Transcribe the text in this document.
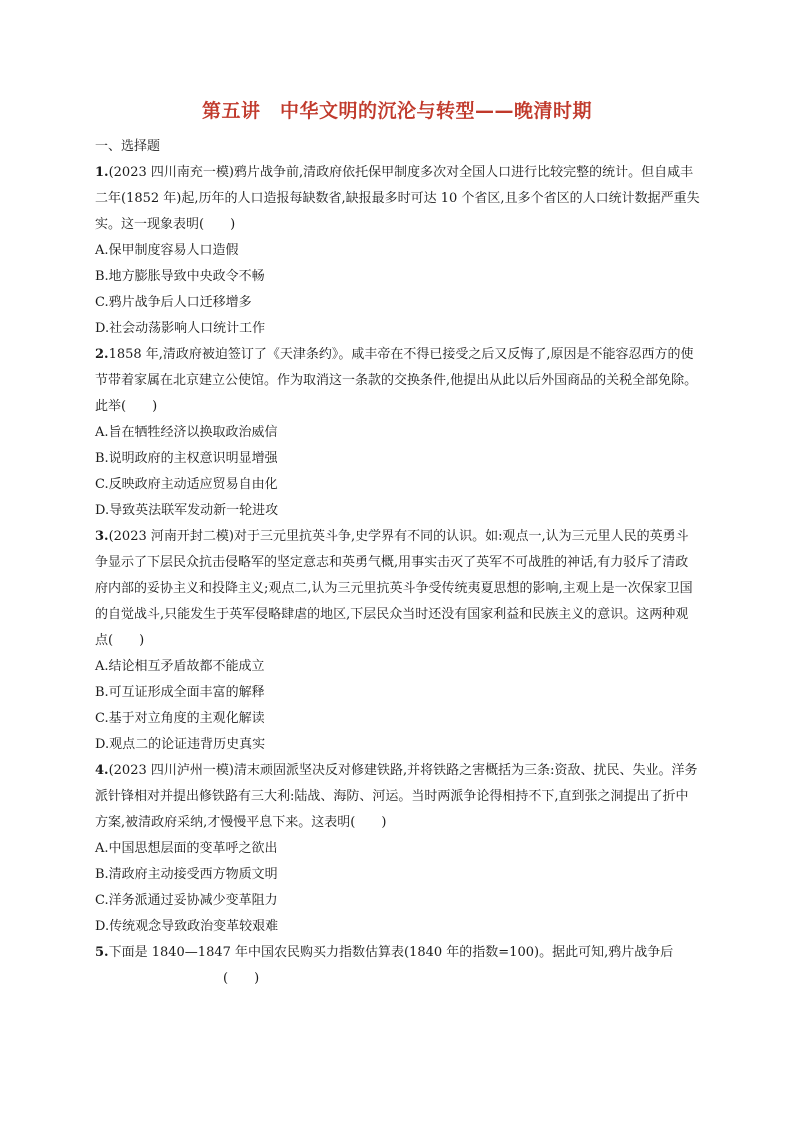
第五讲　中华文明的沉沦与转型——晚清时期
一、选择题

1.(2023 四川南充一模)鸦片战争前,清政府依托保甲制度多次对全国人口进行比较完整的统计。但自咸丰二年(1852 年)起,历年的人口造报每缺数省,缺报最多时可达 10 个省区,且多个省区的人口统计数据严重失实。这一现象表明(　　)

A.保甲制度容易人口造假

B.地方膨胀导致中央政令不畅

C.鸦片战争后人口迁移增多

D.社会动荡影响人口统计工作

2.1858 年,清政府被迫签订了《天津条约》。咸丰帝在不得已接受之后又反悔了,原因是不能容忍西方的使节带着家属在北京建立公使馆。作为取消这一条款的交换条件,他提出从此以后外国商品的关税全部免除。此举(　　)

A.旨在牺牲经济以换取政治威信

B.说明政府的主权意识明显增强

C.反映政府主动适应贸易自由化

D.导致英法联军发动新一轮进攻

3.(2023 河南开封二模)对于三元里抗英斗争,史学界有不同的认识。如:观点一,认为三元里人民的英勇斗争显示了下层民众抗击侵略军的坚定意志和英勇气概,用事实击灭了英军不可战胜的神话,有力驳斥了清政府内部的妥协主义和投降主义;观点二,认为三元里抗英斗争受传统夷夏思想的影响,主观上是一次保家卫国的自觉战斗,只能发生于英军侵略肆虐的地区,下层民众当时还没有国家利益和民族主义的意识。这两种观点(　　)

A.结论相互矛盾故都不能成立

B.可互证形成全面丰富的解释

C.基于对立角度的主观化解读

D.观点二的论证违背历史真实

4.(2023 四川泸州一模)清末顽固派坚决反对修建铁路,并将铁路之害概括为三条:资敌、扰民、失业。洋务派针锋相对并提出修铁路有三大利:陆战、海防、河运。当时两派争论得相持不下,直到张之洞提出了折中方案,被清政府采纳,才慢慢平息下来。这表明(　　)

A.中国思想层面的变革呼之欲出

B.清政府主动接受西方物质文明

C.洋务派通过妥协减少变革阻力

D.传统观念导致政治变革较艰难

5.下面是 1840—1847 年中国农民购买力指数估算表(1840 年的指数=100)。据此可知,鸦片战争后

(　　)
